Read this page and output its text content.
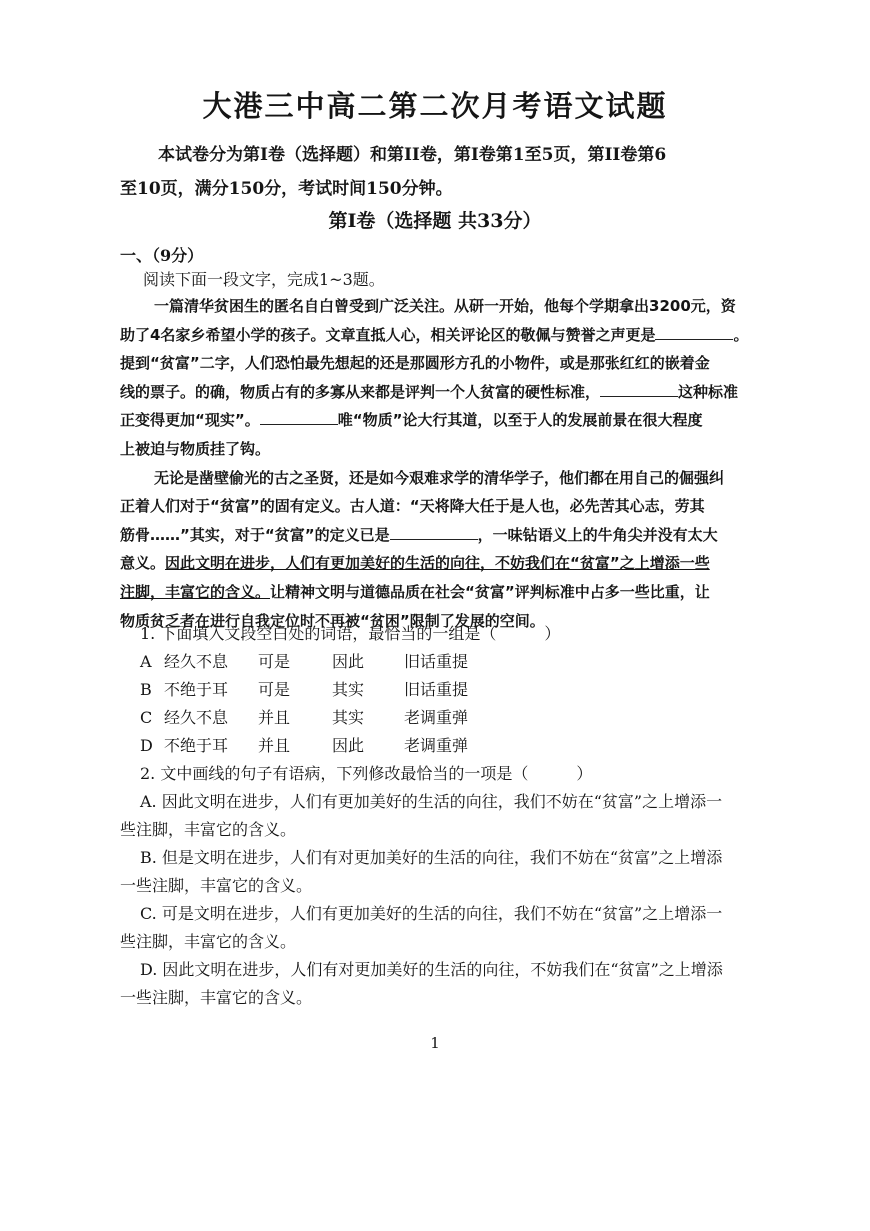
大港三中高二第二次月考语文试题
本试卷分为第I卷（选择题）和第II卷，第I卷第1至5页，第II卷第6
至10页，满分150分，考试时间150分钟。
第I卷（选择题 共33分）
一、（9分）
阅读下面一段文字，完成1~3题。
一篇清华贫困生的匿名自白曾受到广泛关注。从研一开始，他每个学期拿出3200元，资
助了4名家乡希望小学的孩子。文章直抵人心，相关评论区的敬佩与赞誉之声更是	。
提到“贫富”二字，人们恐怕最先想起的还是那圆形方孔的小物件，或是那张红红的嵌着金
线的票子。的确，物质占有的多寡从来都是评判一个人贫富的硬性标准，	这种标准
正变得更加“现实”。	唯“物质”论大行其道，以至于人的发展前景在很大程度
上被迫与物质挂了钩。
无论是凿壁偷光的古之圣贤，还是如今艰难求学的清华学子，他们都在用自己的倔强纠
正着人们对于“贫富”的固有定义。古人道：“天将降大任于是人也，必先苦其心志，劳其
筋骨……”其实，对于“贫富”的定义已是	，一味钻语义上的牛角尖并没有太大
意义。因此文明在进步，人们有更加美好的生活的向往，不妨我们在“贫富”之上增添一些
注脚，丰富它的含义。让精神文明与道德品质在社会“贫富”评判标准中占多一些比重，让
物质贫乏者在进行自我定位时不再被“贫困”限制了发展的空间。
1. 下面填入文段空白处的词语，最恰当的一组是（　　　）
A 经久不息 可是	因此 旧话重提
B 不绝于耳 可是	其实 旧话重提
C 经久不息 并且	其实 老调重弹
D 不绝于耳 并且	因此 老调重弹
2. 文中画线的句子有语病，下列修改最恰当的一项是（　　　）
A. 因此文明在进步，人们有更加美好的生活的向往，我们不妨在“贫富”之上增添一
些注脚，丰富它的含义。
B. 但是文明在进步，人们有对更加美好的生活的向往，我们不妨在“贫富”之上增添
一些注脚，丰富它的含义。
C. 可是文明在进步，人们有更加美好的生活的向往，我们不妨在“贫富”之上增添一
些注脚，丰富它的含义。
D. 因此文明在进步，人们有对更加美好的生活的向往，不妨我们在“贫富”之上增添
一些注脚，丰富它的含义。
1
